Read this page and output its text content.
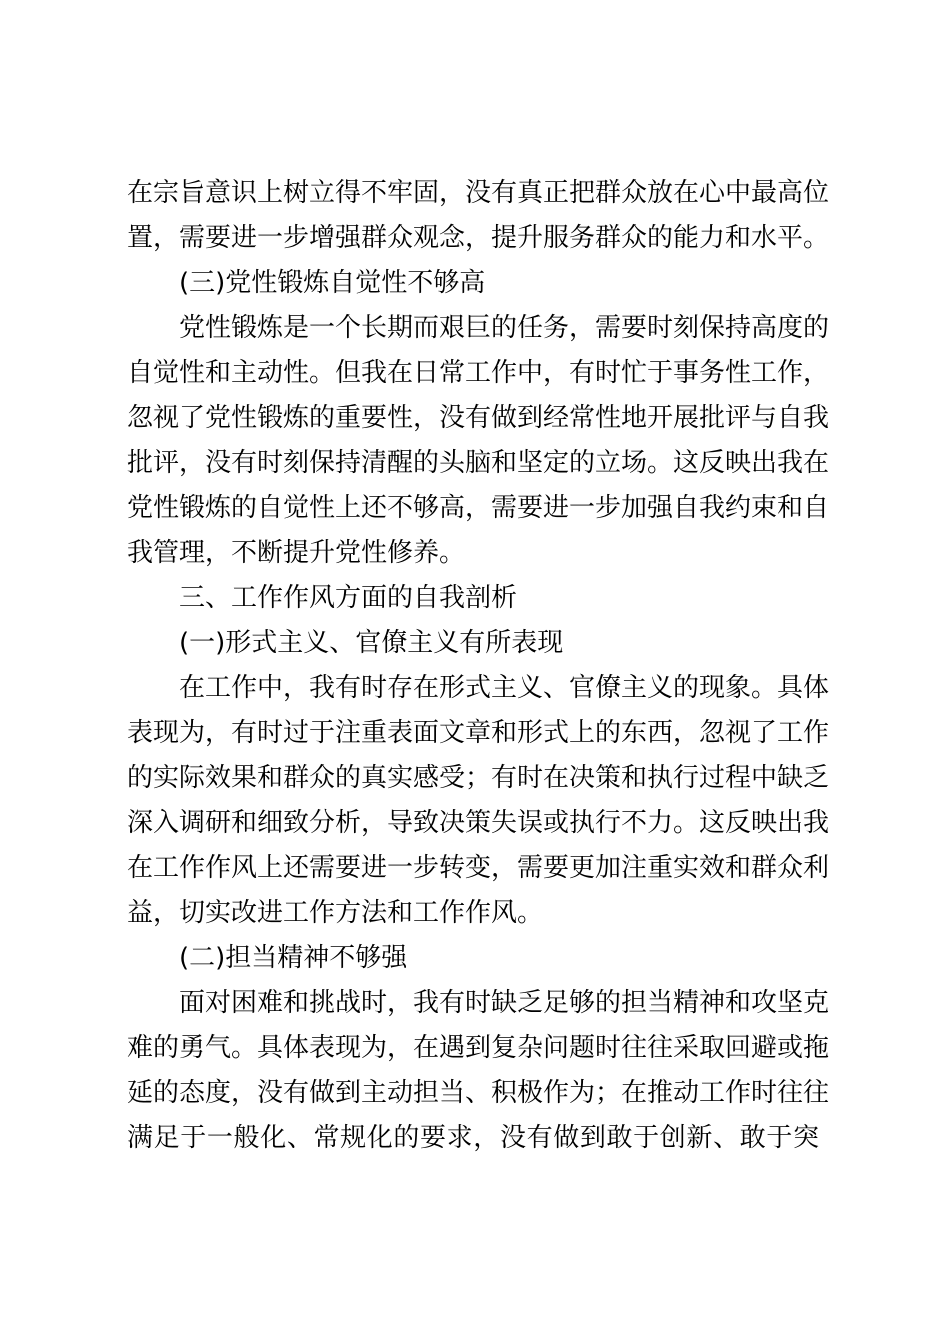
在宗旨意识上树立得不牢固，没有真正把群众放在心中最高位
置，需要进一步增强群众观念，提升服务群众的能力和水平。
(三)党性锻炼自觉性不够高
党性锻炼是一个长期而艰巨的任务，需要时刻保持高度的
自觉性和主动性。但我在日常工作中，有时忙于事务性工作，
忽视了党性锻炼的重要性，没有做到经常性地开展批评与自我
批评，没有时刻保持清醒的头脑和坚定的立场。这反映出我在
党性锻炼的自觉性上还不够高，需要进一步加强自我约束和自
我管理，不断提升党性修养。
三、工作作风方面的自我剖析
(一)形式主义、官僚主义有所表现
在工作中，我有时存在形式主义、官僚主义的现象。具体
表现为，有时过于注重表面文章和形式上的东西，忽视了工作
的实际效果和群众的真实感受；有时在决策和执行过程中缺乏
深入调研和细致分析，导致决策失误或执行不力。这反映出我
在工作作风上还需要进一步转变，需要更加注重实效和群众利
益，切实改进工作方法和工作作风。
(二)担当精神不够强
面对困难和挑战时，我有时缺乏足够的担当精神和攻坚克
难的勇气。具体表现为，在遇到复杂问题时往往采取回避或拖
延的态度，没有做到主动担当、积极作为；在推动工作时往往
满足于一般化、常规化的要求，没有做到敢于创新、敢于突
